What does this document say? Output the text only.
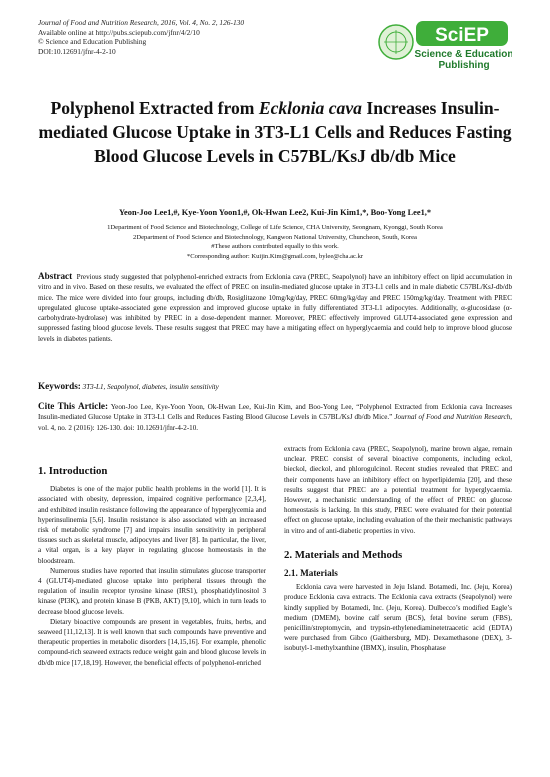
Journal of Food and Nutrition Research, 2016, Vol. 4, No. 2, 126-130
Available online at http://pubs.sciepub.com/jfnr/4/2/10
© Science and Education Publishing
DOI:10.12691/jfnr-4-2-10
SciEP
Science & Education
Publishing
Polyphenol Extracted from Ecklonia cava Increases Insulin-mediated Glucose Uptake in 3T3-L1 Cells and Reduces Fasting Blood Glucose Levels in C57BL/KsJ db/db Mice
Yeon-Joo Lee1,#, Kye-Yoon Yoon1,#, Ok-Hwan Lee2, Kui-Jin Kim1,*, Boo-Yong Lee1,*
1Department of Food Science and Biotechnology, College of Life Science, CHA University, Seongnam, Kyonggi, South Korea
2Department of Food Science and Biotechnology, Kangwon National University, Chuncheon, South, Korea
#These authors contributed equally to this work.
*Corresponding author: Kuijin.Kim@gmail.com, bylee@cha.ac.kr
Abstract Previous study suggested that polyphenol-enriched extracts from Ecklonia cava (PREC, Seapolynol) have an inhibitory effect on lipid accumulation in vitro and in vivo. Based on these results, we evaluated the effect of PREC on insulin-mediated glucose uptake in 3T3-L1 cells and in male diabetic C57BL/KsJ-db/db mice. The mice were divided into four groups, including db/db, Rosiglitazone 10mg/kg/day, PREC 60mg/kg/day and PREC 150mg/kg/day. Treatment with PREC upregulated glucose uptake-associated gene expression and improved glucose uptake in fully differentiated 3T3-L1 adipocytes. Additionally, α-glucosidase (α-carbohydrate-hydrolase) was inhibited by PREC in a dose-dependent manner. Moreover, PREC effectively improved GLUT4-associated gene expression and suppressed fasting blood glucose levels. These results suggest that PREC may have a mitigating effect on hyperglycaemia and could help to improve blood glucose levels in diabetes patients.
Keywords: 3T3-L1, Seapolynol, diabetes, insulin sensitivity
Cite This Article: Yeon-Joo Lee, Kye-Yoon Yoon, Ok-Hwan Lee, Kui-Jin Kim, and Boo-Yong Lee, “Polyphenol Extracted from Ecklonia cava Increases Insulin-mediated Glucose Uptake in 3T3-L1 Cells and Reduces Fasting Blood Glucose Levels in C57BL/KsJ db/db Mice.” Journal of Food and Nutrition Research, vol. 4, no. 2 (2016): 126-130. doi: 10.12691/jfnr-4-2-10.
1. Introduction

Diabetes is one of the major public health problems in the world [1]. It is associated with obesity, depression, impaired cognitive performance [2,3,4], and exhibited insulin resistance following the appearance of hyperglycemia and hyperinsulinemia [5,6]. Insulin resistance is also associated with an increased risk of metabolic syndrome [7] and impairs insulin sensitivity in peripheral tissues such as skeletal muscle, adipocytes and liver [8]. In particular, the liver, a vital organ, is a key player in regulating glucose homeostasis in the bloodstream.

Numerous studies have reported that insulin stimulates glucose transporter 4 (GLUT4)-mediated glucose uptake into peripheral tissues through the regulation of insulin receptor tyrosine kinase (IRS1), phosphatidylinositol 3 kinase (PI3K), and protein kinase B (PKB, AKT) [9,10], which in turn leads to decrease blood glucose levels.

Dietary bioactive compounds are present in vegetables, fruits, herbs, and seaweed [11,12,13]. It is well known that such compounds have preventive and therapeutic properties in metabolic disorders [14,15,16]. For example, phenolic compound-rich seaweed extracts reduce weight gain and blood glucose levels in db/db mice [17,18,19]. However, the beneficial effects of polyphenol-enriched

extracts from Ecklonia cava (PREC, Seapolynol), marine brown algae, remain unclear. PREC consist of several bioactive components, including eckol, bieckol, dieckol, and phlorogulcinol. Recent studies revealed that PREC and their components have an inhibitory effect on hyperlipidemia [20], and these results suggest that PREC are a potential treatment for hyperglycaemia. However, a mechanistic understanding of the effect of PREC on glucose homeostasis is lacking. In this study, PREC were evaluated for their potential effect on glucose uptake, including evaluation of the their mechanistic pathways in vitro and of anti-diabetic properties in vivo.

2. Materials and Methods
2.1. Materials

Ecklonia cava were harvested in Jeju Island. Botamedi, Inc. (Jeju, Korea) produce Ecklonia cava extracts. The Ecklonia cava extracts (Seapolynol) were kindly supplied by Botamedi, Inc. (Jeju, Korea). Dulbecco’s modified Eagle’s medium (DMEM), bovine calf serum (BCS), fetal bovine serum (FBS), penicillin/streptomycin, and trypsin-ethylenediaminetetraacetic acid (EDTA) were purchased from Gibco (Gaithersburg, MD). Dexamethasone (DEX), 3-isobutyl-1-methylxanthine (IBMX), insulin, Phosphatase
